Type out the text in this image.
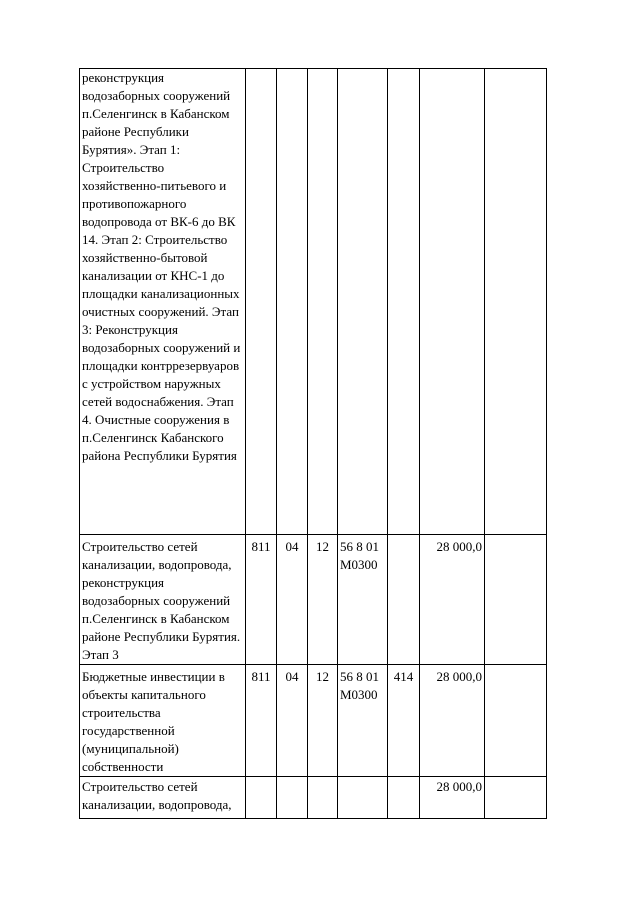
реконструкция водозаборных сооружений п.Селенгинск в Кабанском районе Республики Бурятия». Этап 1: Строительство хозяйственно-питьевого и противопожарного водопровода от ВК-6 до ВК 14. Этап 2: Строительство хозяйственно-бытовой канализации от КНС-1 до площадки канализационных очистных сооружений. Этап 3: Реконструкция водозаборных сооружений и площадки контррезервуаров с устройством наружных сетей водоснабжения. Этап 4. Очистные сооружения в п.Селенгинск Кабанского района Республики Бурятия							
Строительство сетей канализации, водопровода, реконструкция водозаборных сооружений п.Селенгинск в Кабанском районе Республики Бурятия. Этап 3	811	04	12	56 8 01 М0300		28 000,0	
Бюджетные инвестиции в объекты капитального строительства государственной (муниципальной) собственности	811	04	12	56 8 01 М0300	414	28 000,0	
Строительство сетей канализации, водопровода,						28 000,0	
